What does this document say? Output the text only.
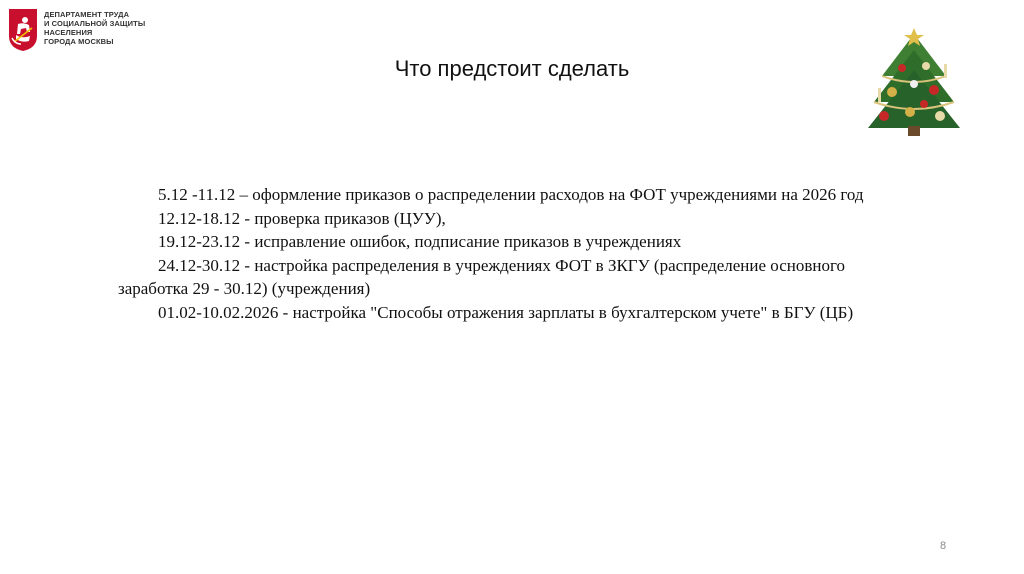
ДЕПАРТАМЕНТ ТРУДА
И СОЦИАЛЬНОЙ ЗАЩИТЫ
НАСЕЛЕНИЯ
ГОРОДА МОСКВЫ
Что предстоит сделать

5.12 -11.12 – оформление приказов о распределении расходов на ФОТ учреждениями на 2026 год

12.12-18.12 - проверка приказов (ЦУУ),

19.12-23.12 - исправление ошибок, подписание приказов в учреждениях

24.12-30.12 - настройка распределения в учреждениях ФОТ в ЗКГУ (распределение основного заработка 29 - 30.12) (учреждения)

01.02-10.02.2026 - настройка "Способы отражения зарплаты в бухгалтерском учете" в БГУ (ЦБ)

8
